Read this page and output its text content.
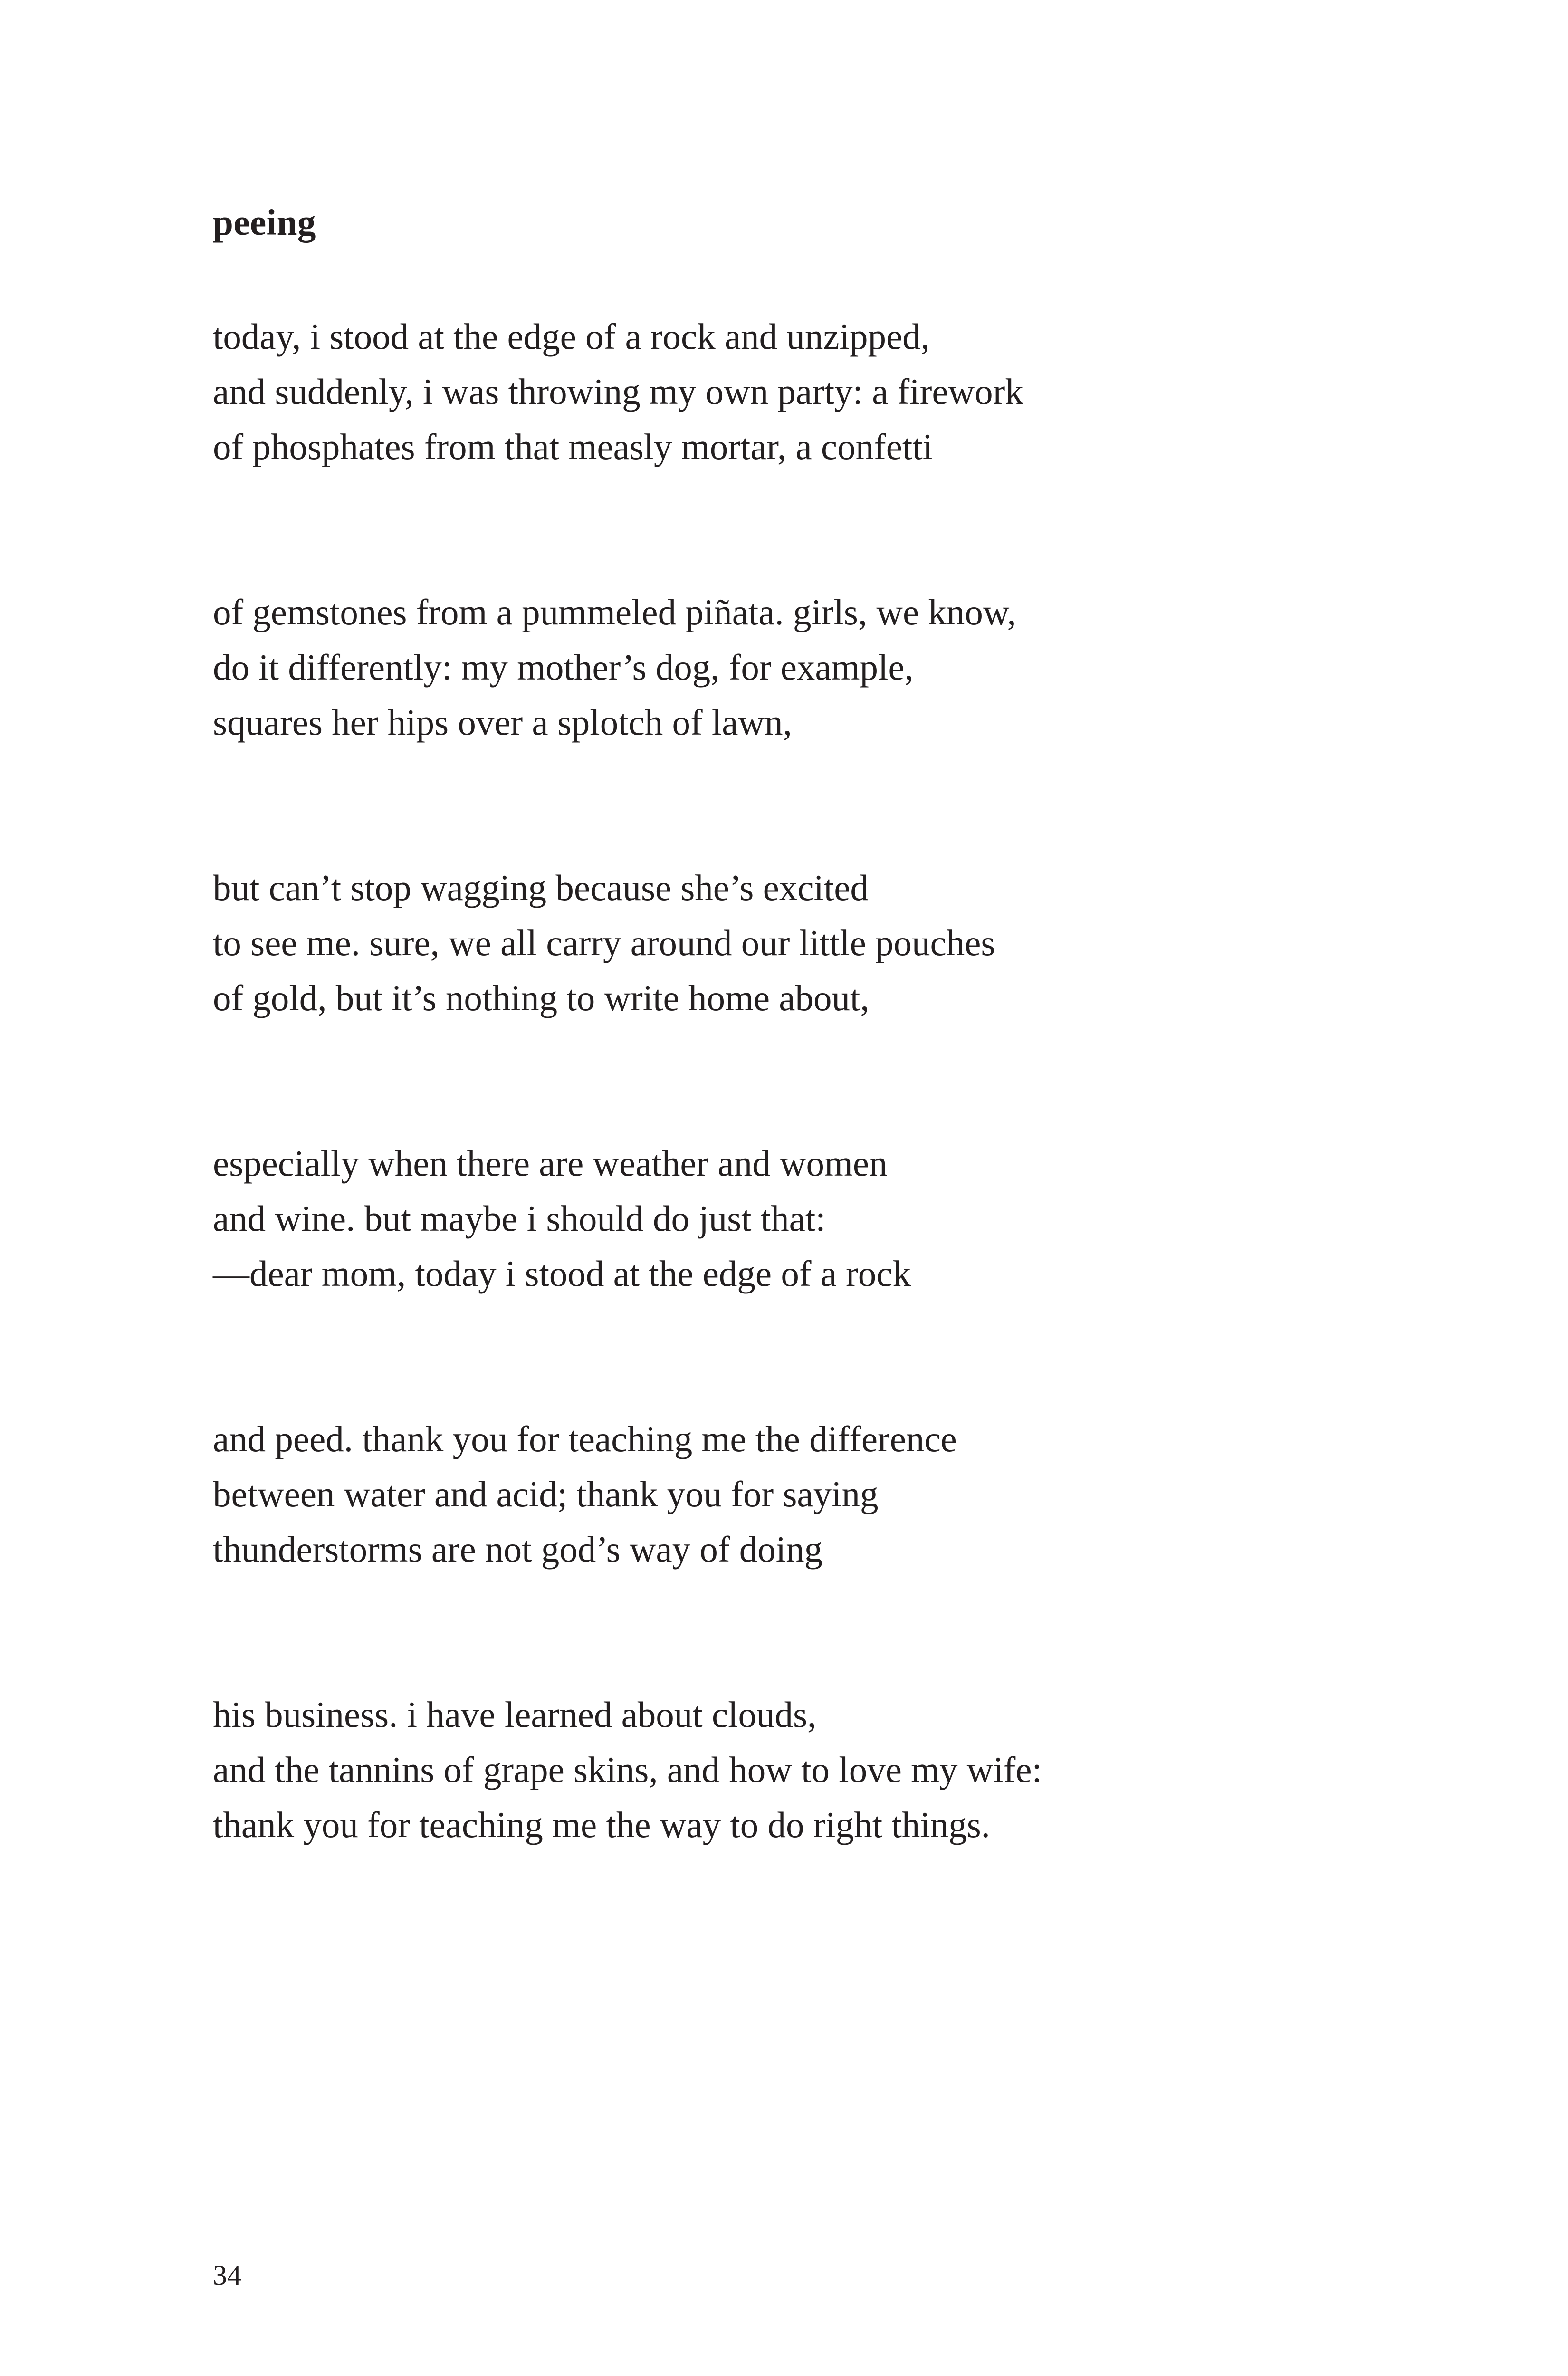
peeing

today, i stood at the edge of a rock and unzipped,
and suddenly, i was throwing my own party: a firework
of phosphates from that measly mortar, a confetti

of gemstones from a pummeled piñata. girls, we know,
do it differently: my mother’s dog, for example,
squares her hips over a splotch of lawn,

but can’t stop wagging because she’s excited
to see me. sure, we all carry around our little pouches
of gold, but it’s nothing to write home about,

especially when there are weather and women
and wine. but maybe i should do just that:
—dear mom, today i stood at the edge of a rock

and peed. thank you for teaching me the difference
between water and acid; thank you for saying
thunderstorms are not god’s way of doing

his business. i have learned about clouds,
and the tannins of grape skins, and how to love my wife:
thank you for teaching me the way to do right things.

34
